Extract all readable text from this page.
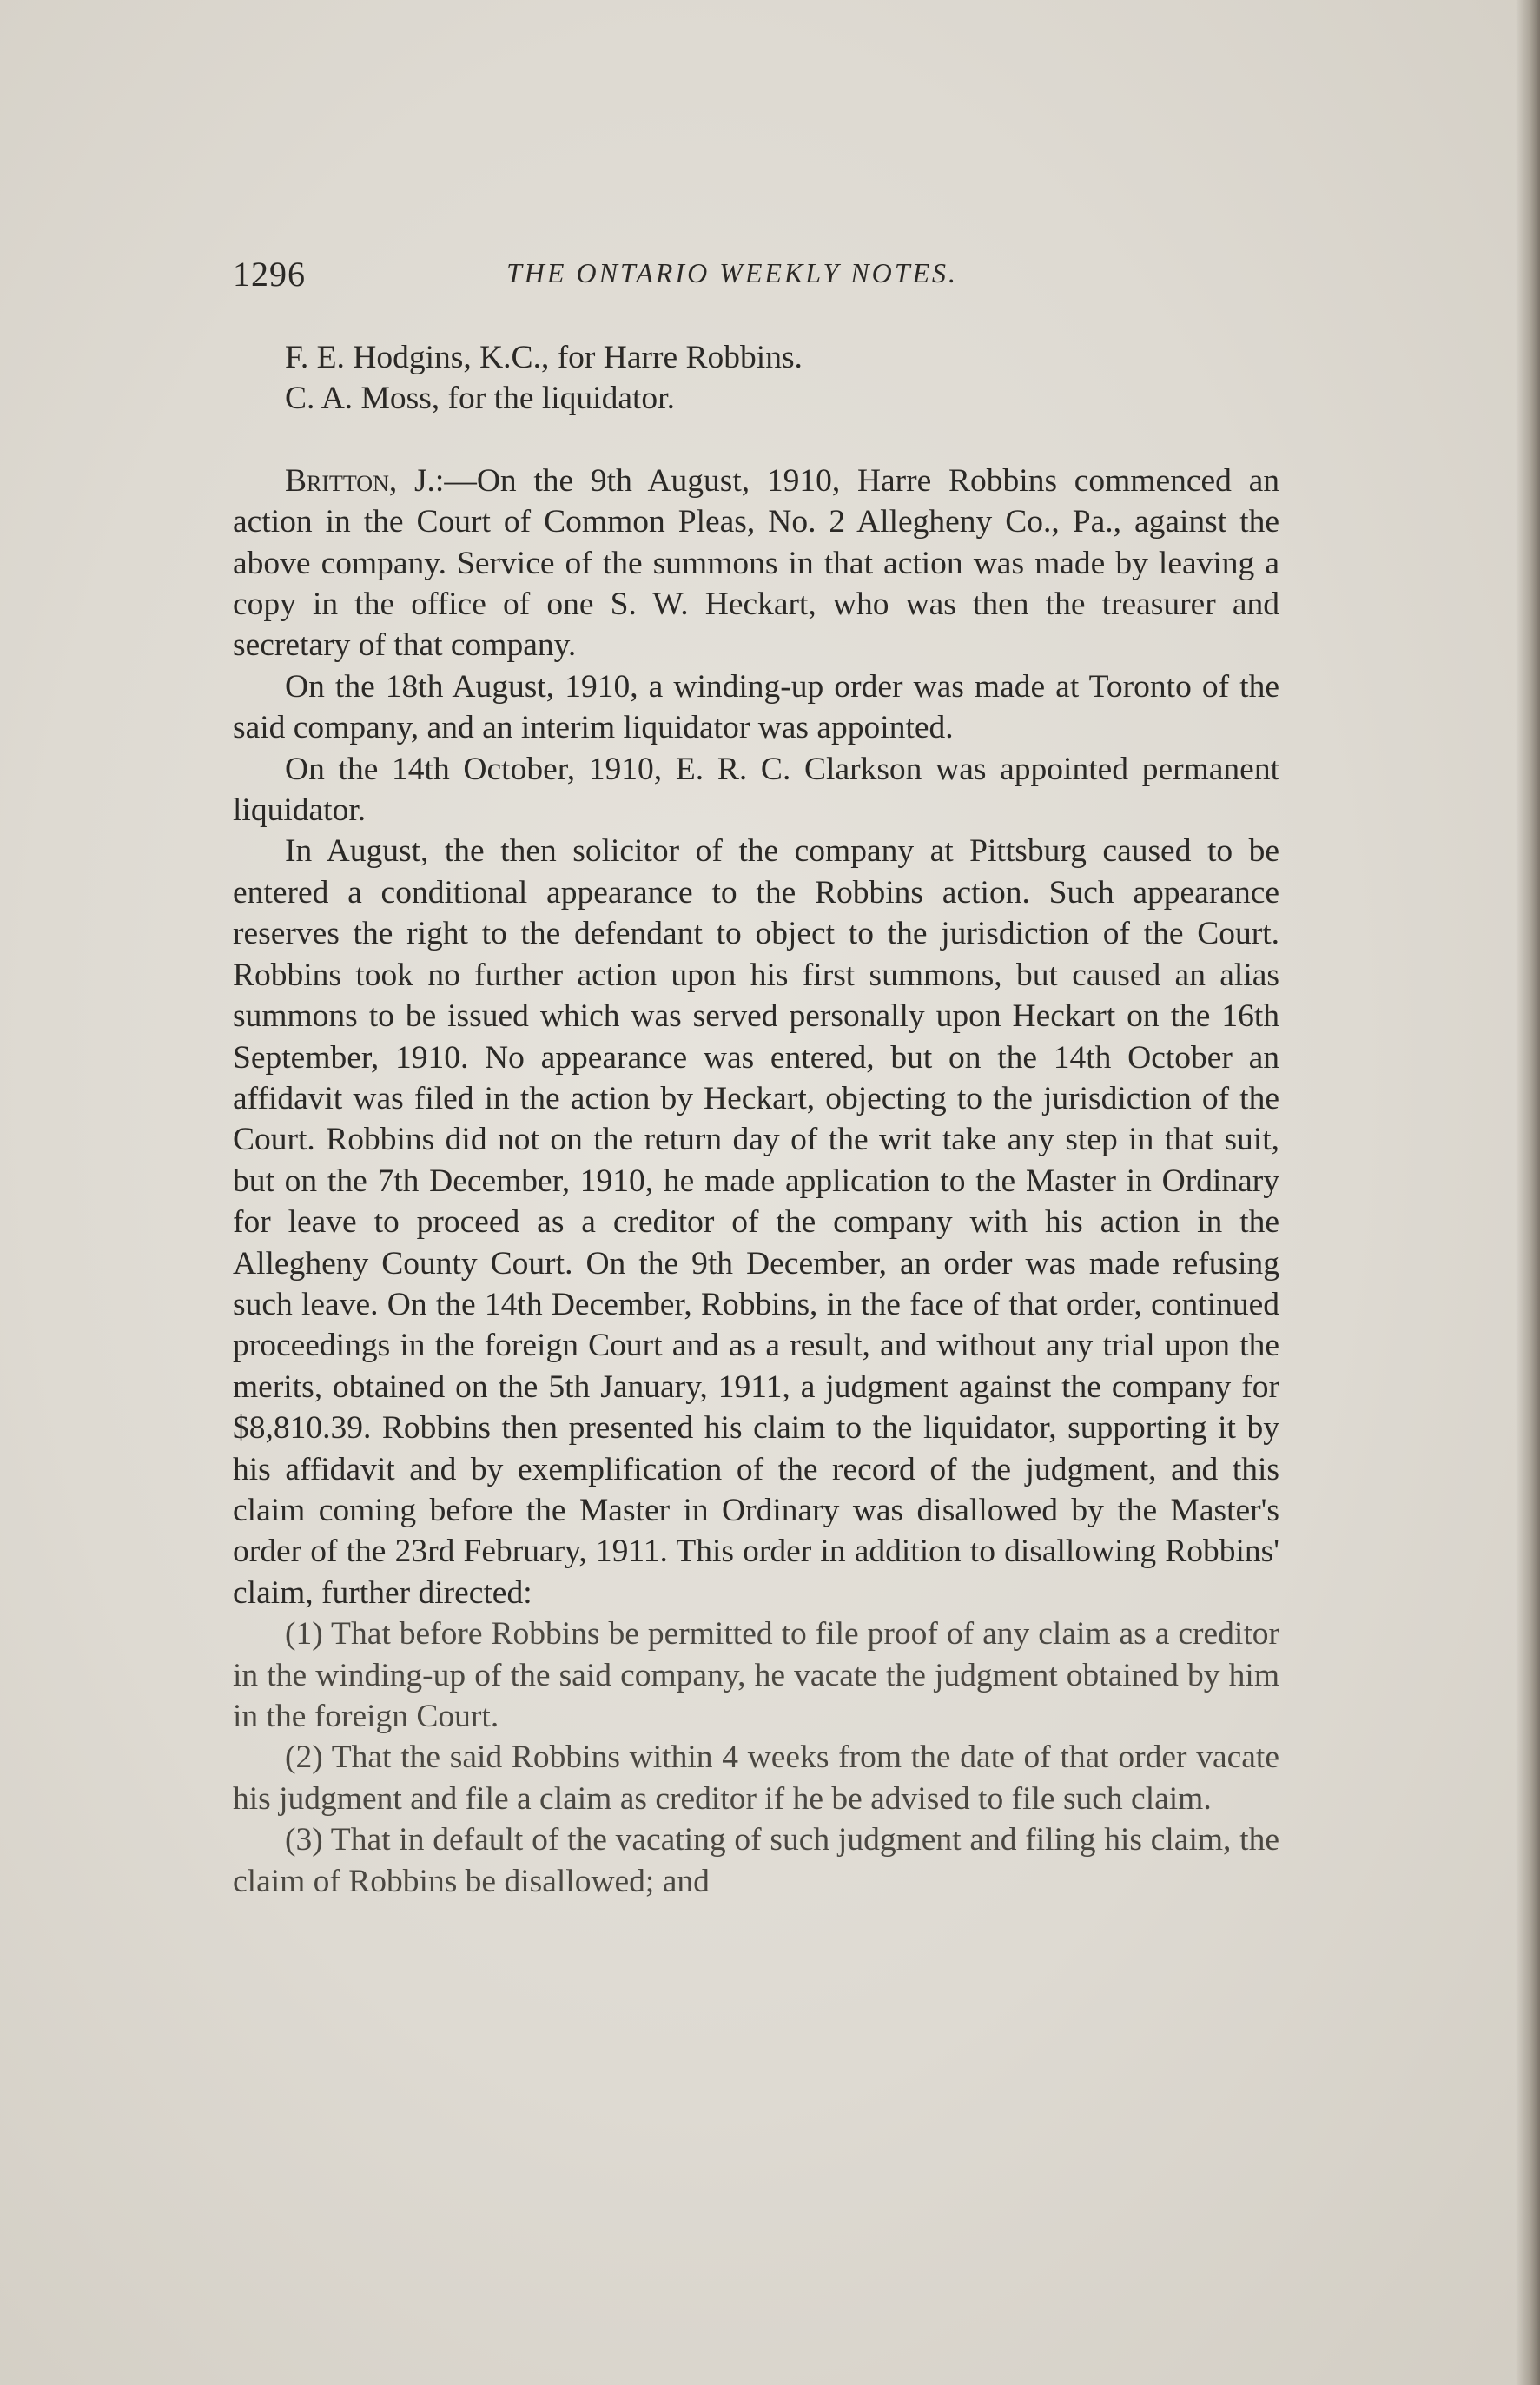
1296	THE ONTARIO WEEKLY NOTES.

F. E. Hodgins, K.C., for Harre Robbins.

C. A. Moss, for the liquidator.

Britton, J.:—On the 9th August, 1910, Harre Robbins commenced an action in the Court of Common Pleas, No. 2 Allegheny Co., Pa., against the above company. Service of the summons in that action was made by leaving a copy in the office of one S. W. Heckart, who was then the treasurer and secretary of that company.

On the 18th August, 1910, a winding-up order was made at Toronto of the said company, and an interim liquidator was appointed.

On the 14th October, 1910, E. R. C. Clarkson was appointed permanent liquidator.

In August, the then solicitor of the company at Pittsburg caused to be entered a conditional appearance to the Robbins action. Such appearance reserves the right to the defendant to object to the jurisdiction of the Court. Robbins took no further action upon his first summons, but caused an alias summons to be issued which was served personally upon Heckart on the 16th September, 1910. No appearance was entered, but on the 14th October an affidavit was filed in the action by Heckart, objecting to the jurisdiction of the Court. Robbins did not on the return day of the writ take any step in that suit, but on the 7th December, 1910, he made application to the Master in Ordinary for leave to proceed as a creditor of the company with his action in the Allegheny County Court. On the 9th December, an order was made refusing such leave. On the 14th December, Robbins, in the face of that order, continued proceedings in the foreign Court and as a result, and without any trial upon the merits, obtained on the 5th January, 1911, a judgment against the company for $8,810.39. Robbins then presented his claim to the liquidator, supporting it by his affidavit and by exemplification of the record of the judgment, and this claim coming before the Master in Ordinary was disallowed by the Master's order of the 23rd February, 1911. This order in addition to disallowing Robbins' claim, further directed:

(1) That before Robbins be permitted to file proof of any claim as a creditor in the winding-up of the said company, he vacate the judgment obtained by him in the foreign Court.

(2) That the said Robbins within 4 weeks from the date of that order vacate his judgment and file a claim as creditor if he be advised to file such claim.

(3) That in default of the vacating of such judgment and filing his claim, the claim of Robbins be disallowed; and
